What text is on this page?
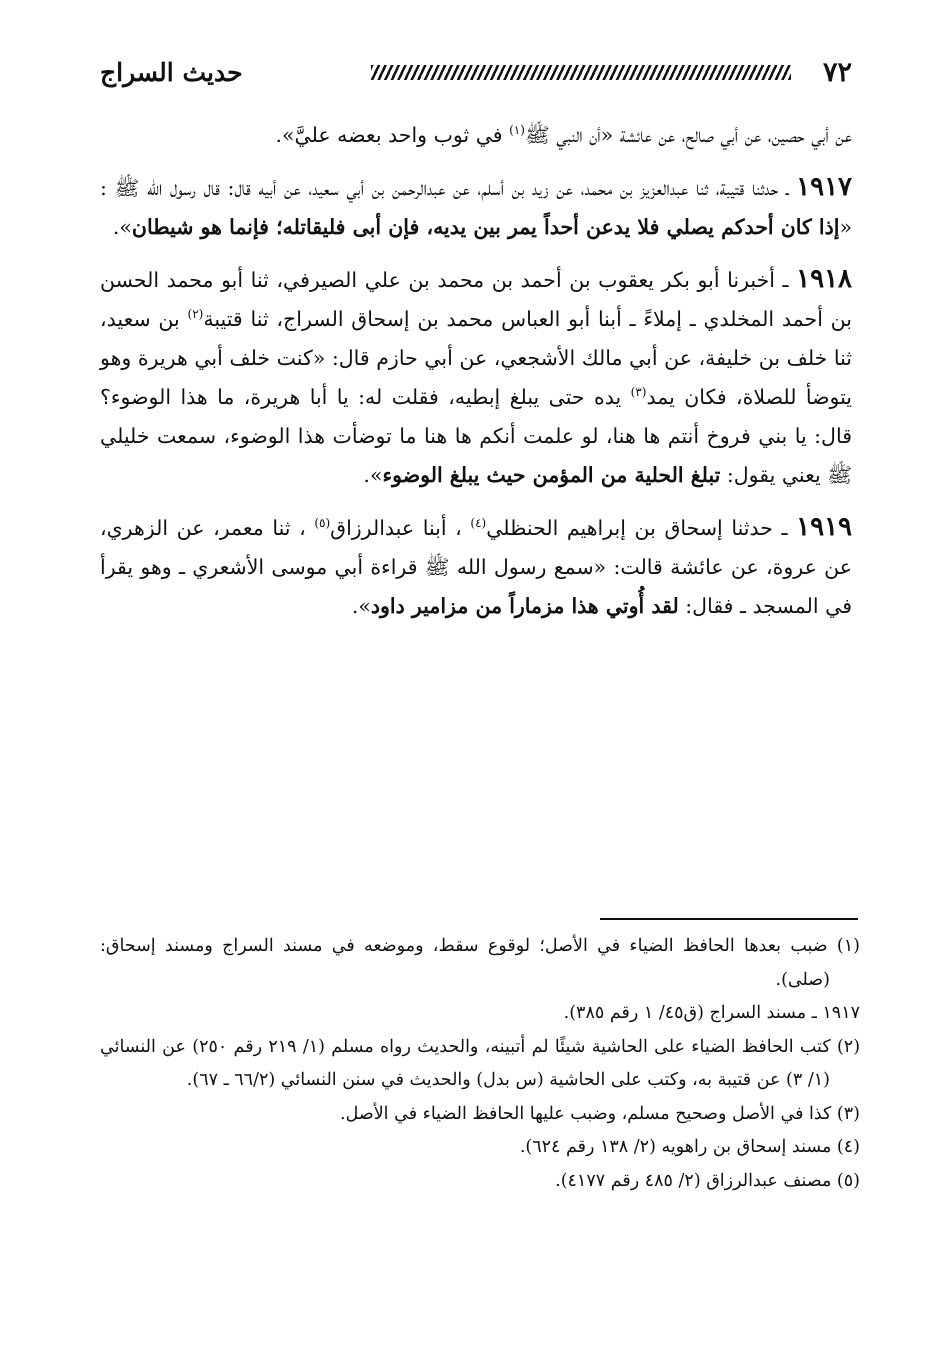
٧٢
حديث السراج

عن أبي حصين، عن أبي صالح، عن عائشة «أن النبي ﷺ$^{(١)}$ في ثوب واحد بعضه عليَّ».

١٩١٧ ـ حدثنا قتيبة، ثنا عبدالعزيز بن محمد، عن زيد بن أسلم، عن عبدالرحمن بن أبي سعيد، عن أبيه قال: قال رسول الله ﷺ : «إذا كان أحدكم يصلي فلا يدعن أحداً يمر بين يديه، فإن أبى فليقاتله؛ فإنما هو شيطان».

١٩١٨ ـ أخبرنا أبو بكر يعقوب بن أحمد بن محمد بن علي الصيرفي، ثنا أبو محمد الحسن بن أحمد المخلدي ـ إملاءً ـ أبنا أبو العباس محمد بن إسحاق السراج، ثنا قتيبة$^{(٢)}$ بن سعيد، ثنا خلف بن خليفة، عن أبي مالك الأشجعي، عن أبي حازم قال: «كنت خلف أبي هريرة وهو يتوضأ للصلاة، فكان يمد$^{(٣)}$ يده حتى يبلغ إبطيه، فقلت له: يا أبا هريرة، ما هذا الوضوء؟ قال: يا بني فروخ أنتم ها هنا، لو علمت أنكم ها هنا ما توضأت هذا الوضوء، سمعت خليلي ﷺ يعني يقول: تبلغ الحلية من المؤمن حيث يبلغ الوضوء».

١٩١٩ ـ حدثنا إسحاق بن إبراهيم الحنظلي$^{(٤)}$ ، أبنا عبدالرزاق$^{(٥)}$ ، ثنا معمر، عن الزهري، عن عروة، عن عائشة قالت: «سمع رسول الله ﷺ قراءة أبي موسى الأشعري ـ وهو يقرأ في المسجد ـ فقال: لقد أُوتي هذا مزماراً من مزامير داود».

(١) ضبب بعدها الحافظ الضياء في الأصل؛ لوقوع سقط، وموضعه في مسند السراج ومسند إسحاق: (صلى).

١٩١٧ ـ مسند السراج (ق٤٥/ ١ رقم ٣٨٥).

(٢) كتب الحافظ الضياء على الحاشية شيئًا لم أتبينه، والحديث رواه مسلم (١/ ٢١٩ رقم ٢٥٠) عن النسائي (١/ ٣) عن قتيبة به، وكتب على الحاشية (س بدل) والحديث في سنن النسائي (٦٦/٢ ـ ٦٧).

(٣) كذا في الأصل وصحيح مسلم، وضبب عليها الحافظ الضياء في الأصل.

(٤) مسند إسحاق بن راهويه (٢/ ١٣٨ رقم ٦٢٤).

(٥) مصنف عبدالرزاق (٢/ ٤٨٥ رقم ٤١٧٧).
